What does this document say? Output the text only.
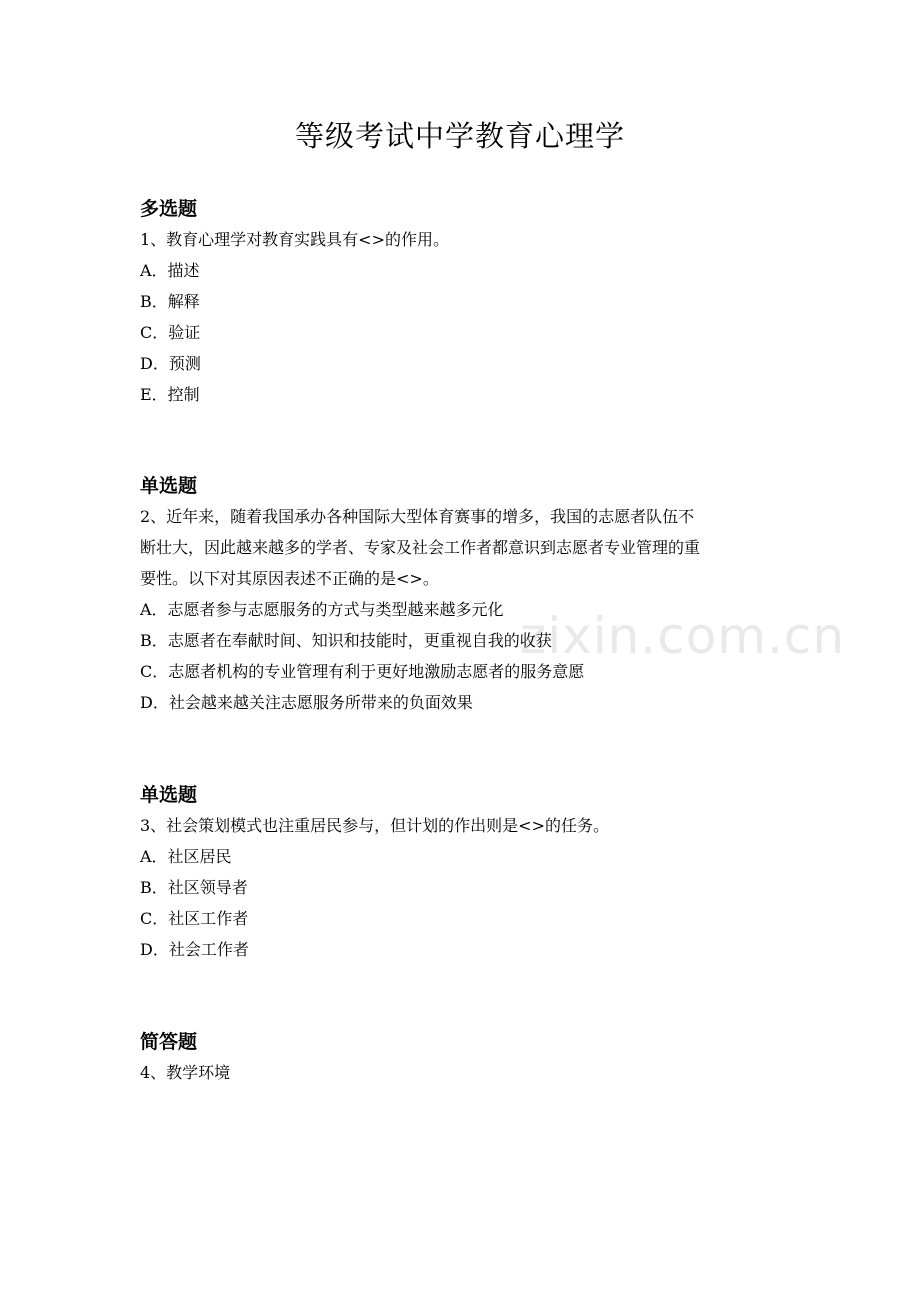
等级考试中学教育心理学
zixin.com.cn
多选题
1、教育心理学对教育实践具有<>的作用。
A．描述
B．解释
C．验证
D．预测
E．控制
单选题
2、近年来，随着我国承办各种国际大型体育赛事的增多，我国的志愿者队伍不
断壮大，因此越来越多的学者、专家及社会工作者都意识到志愿者专业管理的重
要性。以下对其原因表述不正确的是<>。
A．志愿者参与志愿服务的方式与类型越来越多元化
B．志愿者在奉献时间、知识和技能时，更重视自我的收获
C．志愿者机构的专业管理有利于更好地激励志愿者的服务意愿
D．社会越来越关注志愿服务所带来的负面效果
单选题
3、社会策划模式也注重居民参与，但计划的作出则是<>的任务。
A．社区居民
B．社区领导者
C．社区工作者
D．社会工作者
简答题
4、教学环境
